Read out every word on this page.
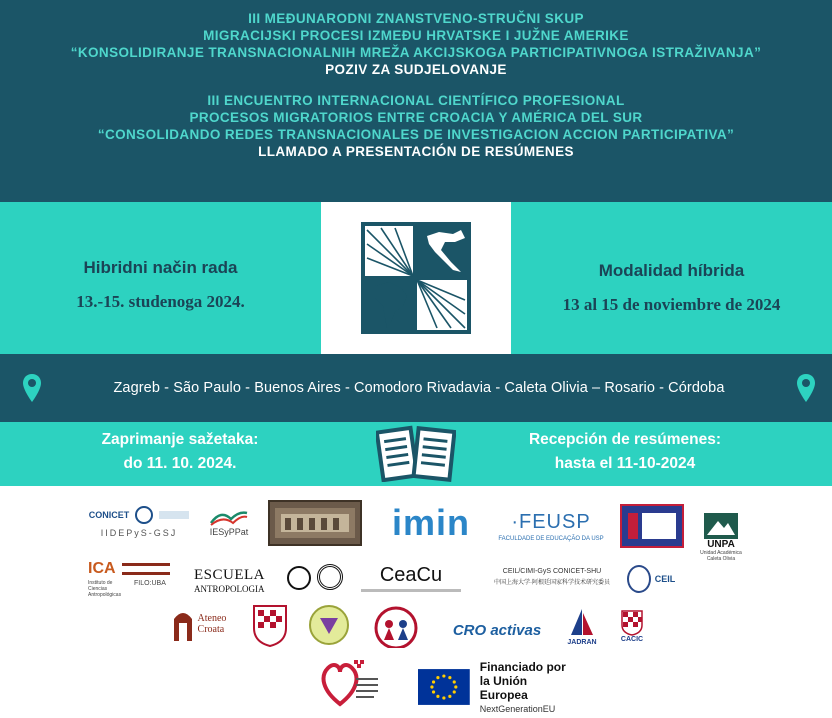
III MEĐUNARODNI ZNANSTVENO-STRUČNI SKUP
MIGRACIJSKI PROCESI IZMEĐU HRVATSKE I JUŽNE AMERIKE
“KONSOLIDIRANJE TRANSNACIONALNIH MREŽA AKCIJSKOGA PARTICIPATIVNOGA ISTRAŽIVANJA”
POZIV ZA SUDJELOVANJE
III ENCUENTRO INTERNACIONAL CIENTÍFICO PROFESIONAL
PROCESOS MIGRATORIOS ENTRE CROACIA Y AMÉRICA DEL SUR
“CONSOLIDANDO REDES TRANSNACIONALES DE INVESTIGACION ACCION PARTICIPATIVA”
LLAMADO A PRESENTACIÓN DE RESÚMENES
Hibridni način rada
13.-15. studenoga 2024.
Modalidad híbrida
13 al 15 de noviembre de 2024
Zagreb - São Paulo - Buenos Aires - Comodoro Rivadavia - Caleta Olivia – Rosario - Córdoba
Zaprimanje sažetaka:
do 11. 10. 2024.
Recepción de resúmenes:
hasta el 11-10-2024
CONICET
IIDEPyS-GSJ	IESyPPat	imin ·FEUSP
FACULDADE DE EDUCAÇÃO DA USP	UNPA
Unidad Académica Caleta Olivia
ICA
Instituto de Ciencias Antropológicas
FILO:UBA
ESCUELA
ANTROPOLOGIA
CeaCu	CEIL/CIMI-GyS CONICET-SHU
中国上海大学·阿根廷国家科学技术研究委员	CEIL
Ateneo
Croata	CRO activas
JADRAN	CACIC
Financiado por
la Unión Europea
NextGenerationEU
